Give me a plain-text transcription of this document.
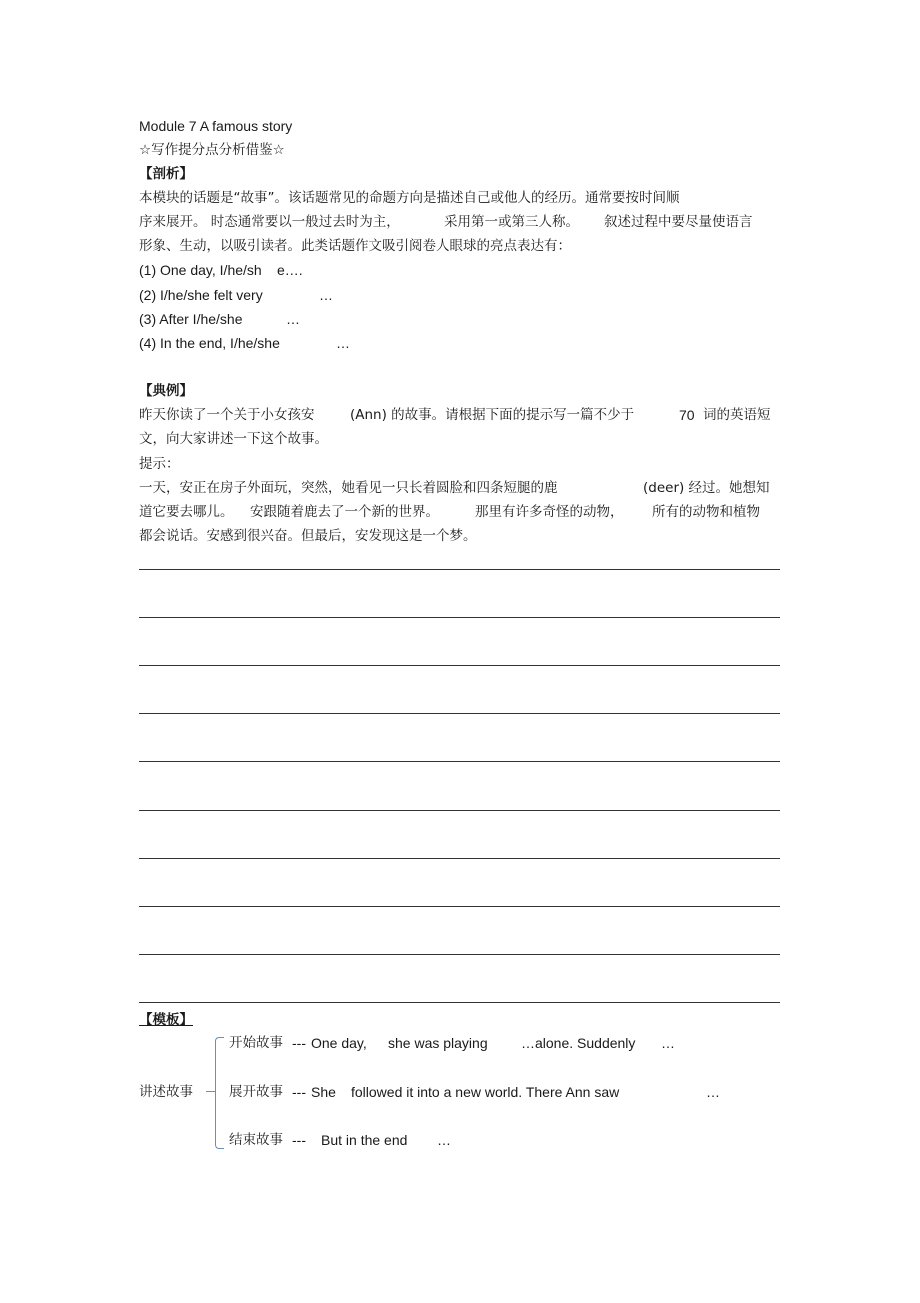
Module 7 A famous story
☆写作提分点分析借鉴☆
【剖析】
本模块的话题是“故事”。该话题常见的命题方向是描述自己或他人的经历。通常要按时间顺
序来展开。 时态通常要以一般过去时为主，	采用第一或第三人称。 叙述过程中要尽量使语言
形象、生动，以吸引读者。此类话题作文吸引阅卷人眼球的亮点表达有：
(1) One day, I/he/sh e….
(2) I/he/she felt very	…
(3) After I/he/she	…
(4) In the end, I/he/she	…
【典例】
昨天你读了一个关于小女孩安	(Ann) 的故事。请根据下面的提示写一篇不少于	70 词的英语短
文，向大家讲述一下这个故事。
提示：
一天，安正在房子外面玩，突然，她看见一只长着圆脸和四条短腿的鹿	(deer) 经过。她想知
道它要去哪儿。 安跟随着鹿去了一个新的世界。	那里有许多奇怪的动物， 所有的动物和植物
都会说话。安感到很兴奋。但最后，安发现这是一个梦。
【模板】
讲述故事
开始故事 --- One day, she was playing …alone. Suddenly …
展开故事 --- She followed it into a new world. There Ann saw	…
结束故事 --- But in the end …
